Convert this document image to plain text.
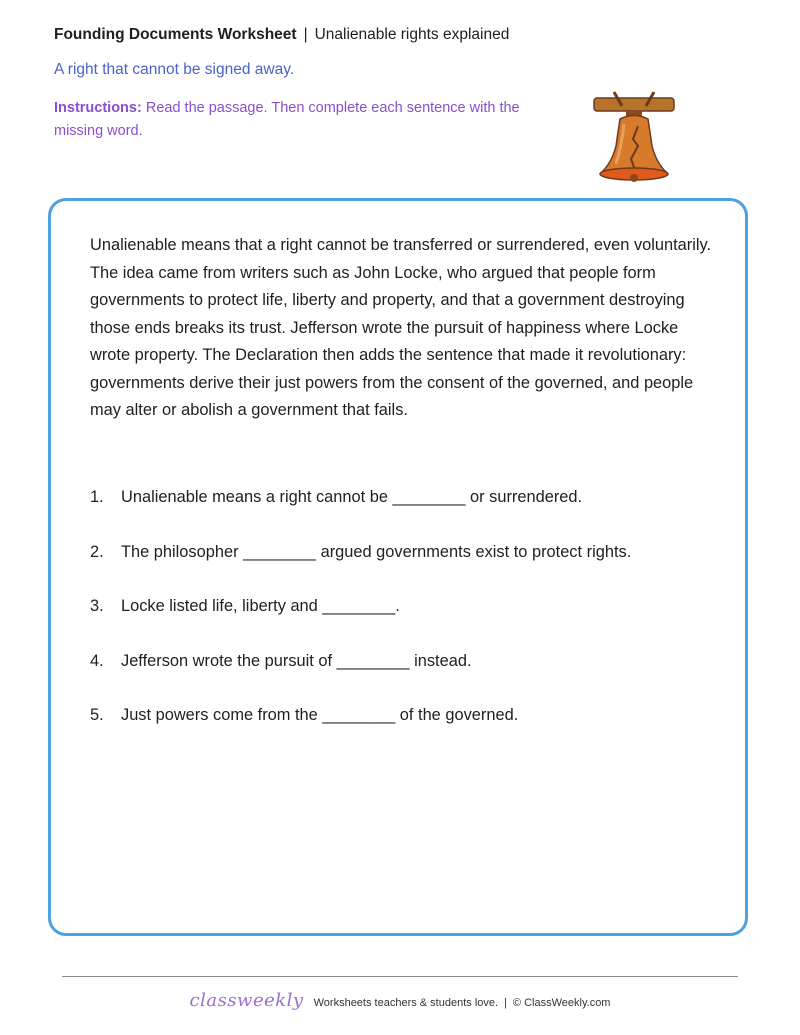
Founding Documents Worksheet | Unalienable rights explained
A right that cannot be signed away.
Instructions: Read the passage. Then complete each sentence with the missing word.
Unalienable means that a right cannot be transferred or surrendered, even voluntarily. The idea came from writers such as John Locke, who argued that people form governments to protect life, liberty and property, and that a government destroying those ends breaks its trust. Jefferson wrote the pursuit of happiness where Locke wrote property. The Declaration then adds the sentence that made it revolutionary: governments derive their just powers from the consent of the governed, and people may alter or abolish a government that fails.
1. Unalienable means a right cannot be ________ or surrendered.
2. The philosopher ________ argued governments exist to protect rights.
3. Locke listed life, liberty and ________.
4. Jefferson wrote the pursuit of ________ instead.
5. Just powers come from the ________ of the governed.
classweekly Worksheets teachers & students love. | © ClassWeekly.com
